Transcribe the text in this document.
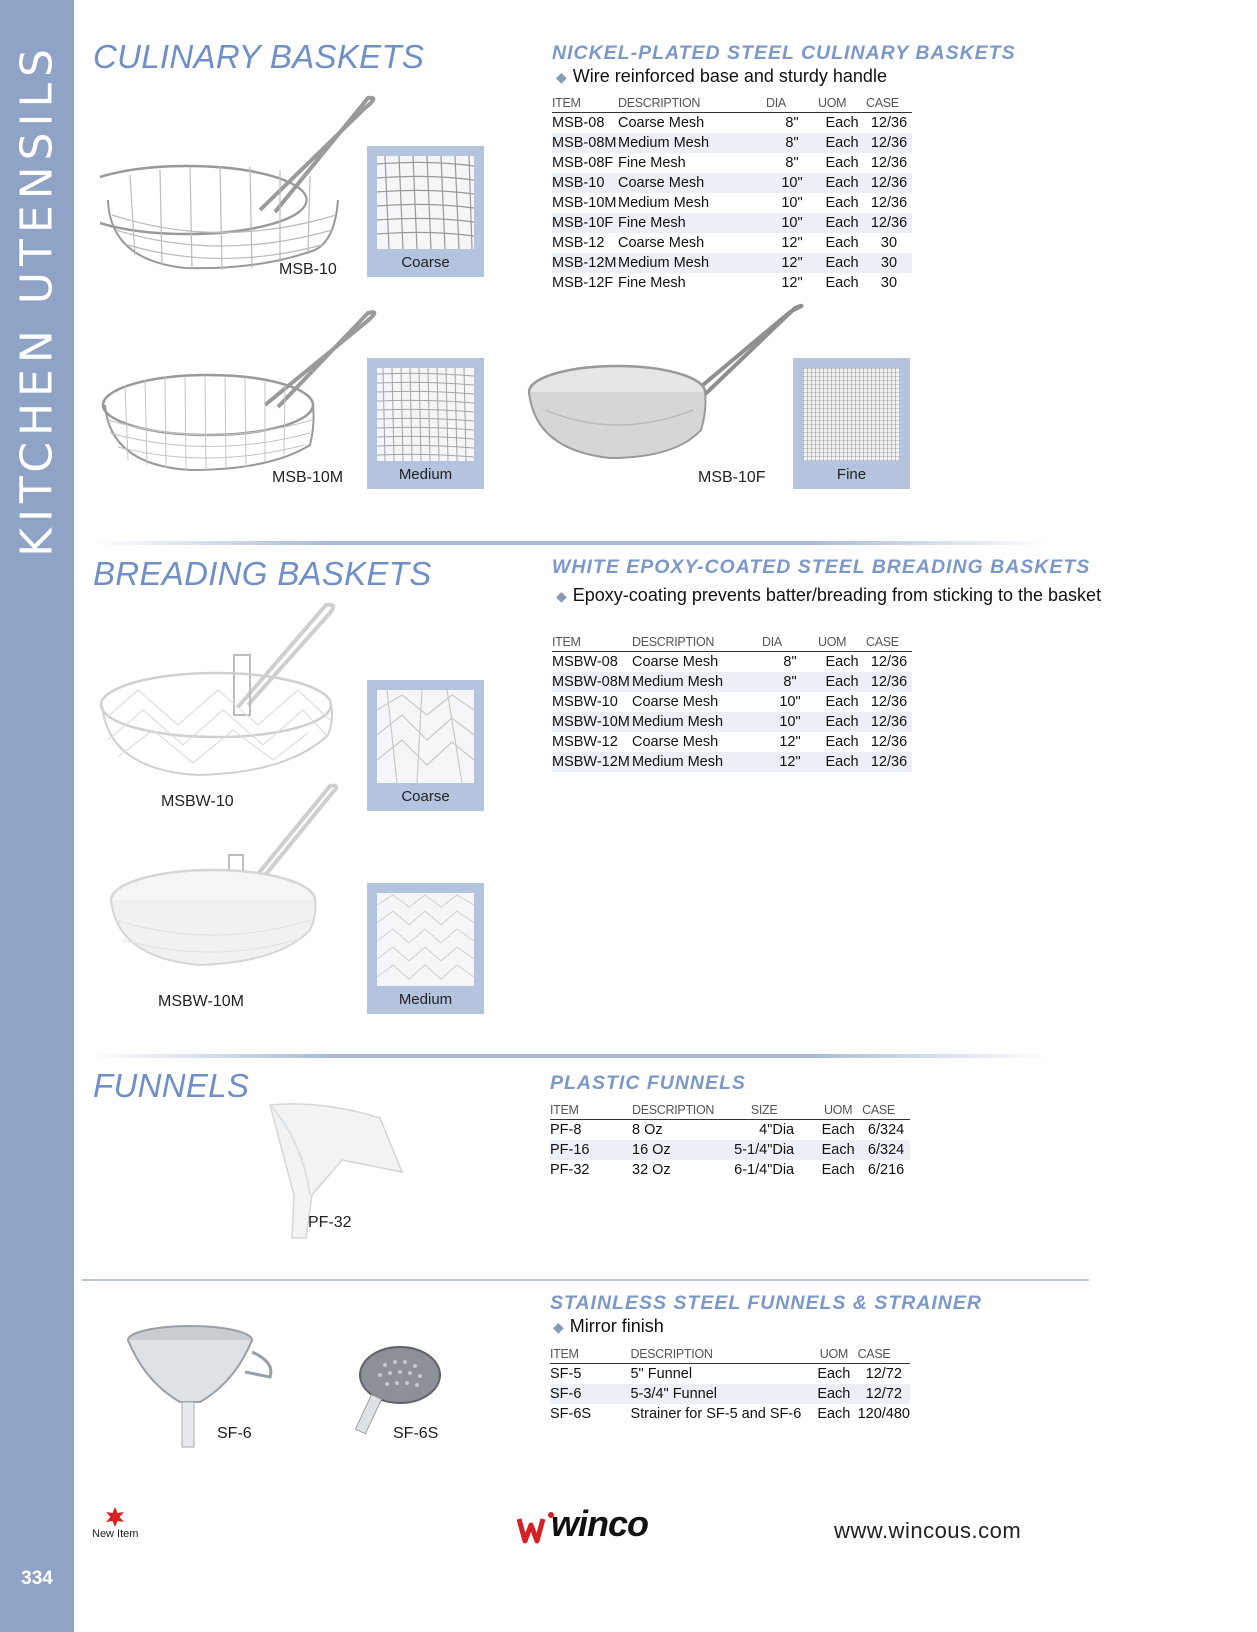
KITCHEN UTENSILS
334
CULINARY BASKETS	NICKEL-PLATED STEEL CULINARY BASKETS
◆ Wire reinforced base and sturdy handle
ITEM	DESCRIPTION	DIA	UOM	CASE
MSB-08	Coarse Mesh	8"	Each	12/36
MSB-08M	Medium Mesh	8"	Each	12/36
MSB-08F	Fine Mesh	8"	Each	12/36
MSB-10	Coarse Mesh	10"	Each	12/36
MSB-10M	Medium Mesh	10"	Each	12/36
MSB-10F	Fine Mesh	10"	Each	12/36
MSB-12	Coarse Mesh	12"	Each	30
MSB-12M	Medium Mesh	12"	Each	30
MSB-12F	Fine Mesh	12"	Each	30
MSB-10	Coarse
MSB-10M	Medium	MSB-10F	Fine
BREADING BASKETS	WHITE EPOXY-COATED STEEL BREADING BASKETS
◆ Epoxy-coating prevents batter/breading from sticking to the basket
ITEM	DESCRIPTION	DIA	UOM	CASE
MSBW-08	Coarse Mesh	8"	Each	12/36
MSBW-08M	Medium Mesh	8"	Each	12/36
MSBW-10	Coarse Mesh	10"	Each	12/36
MSBW-10M	Medium Mesh	10"	Each	12/36
MSBW-12	Coarse Mesh	12"	Each	12/36
MSBW-12M	Medium Mesh	12"	Each	12/36
MSBW-10	Coarse
MSBW-10M	Medium
FUNNELS	PLASTIC FUNNELS
ITEM	DESCRIPTION	SIZE	UOM	CASE
PF-8	8 Oz	4"Dia	Each	6/324
PF-16	16 Oz	5-1/4"Dia	Each	6/324
PF-32	32 Oz	6-1/4"Dia	Each	6/216
PF-32
STAINLESS STEEL FUNNELS & STRAINER
◆ Mirror finish
ITEM	DESCRIPTION	UOM	CASE
SF-5	5" Funnel	Each	12/72
SF-6	5-3/4" Funnel	Each	12/72
SF-6S	Strainer for SF-5 and SF-6	Each	120/480
SF-6	SF-6S
New Item	winco	www.wincous.com
